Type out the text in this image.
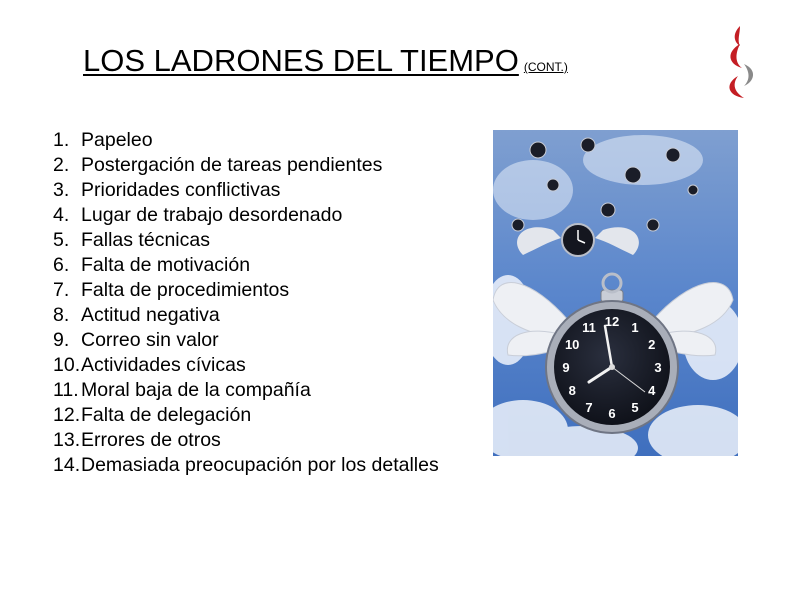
LOS LADRONES DEL TIEMPO (CONT.)
1. Papeleo
2. Postergación de tareas pendientes
3. Prioridades conflictivas
4. Lugar de trabajo desordenado
5. Fallas técnicas
6. Falta de motivación
7. Falta de procedimientos
8. Actitud negativa
9. Correo sin valor
10. Actividades cívicas
11. Moral baja de la compañía
12. Falta de delegación
13. Errores de otros
14. Demasiada preocupación por los detalles
12 1
2
3
4
5
6
7
8
9
10
11
